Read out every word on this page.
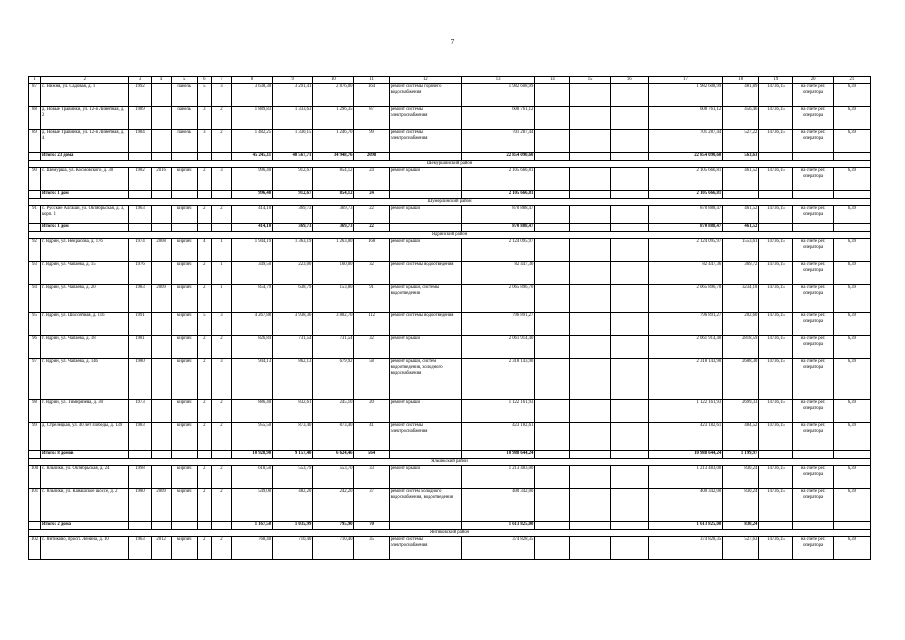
7
1	2	3	4	5	6	7	8	9	10	11	12	13	14	15	16	17	18	19	20	21
87	с. Нижня, ул. Садовая, д. 1	1992		панель	5	3	3 638,30	3 291,41	2 876,00	164	ремонт системы горячего водоснабжения	1 982 608,99				1 982 608,99	481,89	14736,15	на счете рег. оператора	6,39
88	д. Новые Травинки, ул. 12-я Линейная, д. 2	1989		панель	3	2	1 889,83	1 333,63	1 296,35	87	ремонт системы электроснабжения	608 761,12				608 761,12	456,46	14736,15	на счете рег. оператора	6,39
89	д. Новые Травинки, ул. 12-я Линейная, д. 4	1984		панель	3	2	1 482,25	1 330,15	1 246,70	99	ремонт системы электроснабжения	701 287,44				701 287,44	527,22	14736,15	на счете рег. оператора	6,39
	Итого: 23 дома						45 245,11	40 567,71	34 948,76	2098		22 854 090,60				22 854 090,60	563,63			
Шемуршинский район																				
90	с. Шемурша, ул. Космовского, д. 30	1982	2016	кирпич	2	3	996,40	912,67	854,12	24	ремонт крыши	2 105 666,81				2 105 666,81	461,52	14736,15	на счете рег. оператора	6,39
	Итого: 1 дом						996,40	912,67	854,12	24		2 105 666,81				2 105 666,81				
Шумерлинский район																				
91	с. Русские Алгаши, ул. Октябрьская, д. 3, корп. 1	1963		кирпич	2	2	414,10	369,73	369,73	22	ремонт крыши	870 888,47				870 888,47	461,52	14736,15	на счете рег. оператора	6,39
	Итого: 1 дом						414,10	369,73	369,73	22		870 888,47				870 888,47	461,52			
Ядринский район																				
92	г. Ядрин, ул. Некрасова, д. 17б	1974	2008	кирпич	4	1	1 944,19	1 363,19	1 263,00	168	ремонт крыши	2 124 095,97				2 124 095,97	1553,61	14736,15	на счете рег. оператора	6,39
93	г. Ядрин, ул. Чапаева, д. 15	1976		кирпич	2	1	349,50	223,00	160,00	32	ремонт системы водоотведения	82 447,36				82 447,36	369,72	14736,15	на счете рег. оператора	6,39
94	г. Ядрин, ул. Чапаева, д. 20	1983	2009	кирпич	2	1	854,79	638,79	153,80	91	ремонт крыши, системы водоотведения	2 065 896,70				2 065 896,70	3234,18	14736,15	на счете рег. оператора	6,39
95	г. Ядрин, ул. Шоссейная, д. 116	1991		кирпич	5	3	4 267,88	3 938,36	3 802,70	112	ремонт системы водоотведения	796 891,27				796 891,27	202,60	14736,15	на счете рег. оператора	6,39
96	г. Ядрин, ул. Чапаева, д. 18	1981		кирпич	2	2	826,84	731,54	731,54	32	ремонт крыши	2 061 914,40				2 061 914,40	2818,59	14736,15	на счете рег. оператора	6,39
97	г. Ядрин, ул. Чапаева, д. 14б	1980		кирпич	2	3	944,13	862,13	679,92	58	ремонт крыши, систем водоотведения, холодного водоснабжения	2 318 143,90				2 318 143,90	2688,30	14736,15	на счете рег. оператора	6,39
98	г. Ядрин, ул. Тимирязева, д. 30	1973		кирпич	2	2	886,40	832,61	245,10	20	ремонт крыши	1 122 161,93				1 122 161,93	2699,33	14736,15	на счете рег. оператора	6,39
99	д. Стрелецкая, ул. 40 лет Победы, д. 139	1983		кирпич	2	2	955,50	873,40	873,40	41	ремонт системы электроснабжения	423 182,61				423 182,61	484,52	14736,15	на счете рег. оператора	6,39
	Итого: 8 домов						10 928,90	9 157,40	6 624,46	564		10 988 644,24				10 988 644,24	1 199,97			
Яльчикский район																				
100	с. Яльчики, ул. Октябрьская, д. 24	1998		кирпич	2	2	618,50	553,79	553,70	33	ремонт крыши	1 213 483,00				1 213 483,00	830,24	14736,15	на счете рег. оператора	6,39
101	с. Яльчики, ул. Канашское шоссе, д. 2	1980	2009	кирпич	2	2	549,00	482,20	242,20	37	ремонт систем холодного водоснабжения, водоотведения	400 342,00				400 342,00	830,24	14736,15	на счете рег. оператора	6,39
	Итого: 2 дома						1 167,50	1 035,99	795,90	70		1 613 825,00				1 613 825,00	830,24			
Янтиковский район																				
102	с. Янтиково, просп. Ленина, д. 10	1963	2012	кирпич	2	2	768,40	710,40	710,40	35	ремонт системы электроснабжения	374 828,35				374 828,35	527,63	14736,15	на счете рег. оператора	6,39
